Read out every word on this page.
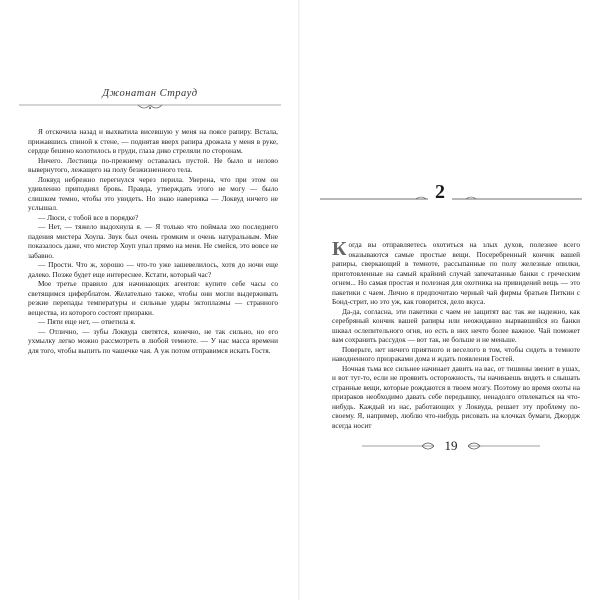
Джонатан Страуд

Я отскочила назад и выхватила висевшую у меня на поясе рапиру. Встала, прижавшись спиной к стене, — поднятая вверх рапира дрожала у меня в руке, сердце бешено колотилось в груди, глаза дико стреляли по сторонам.

Ничего. Лестница по-прежнему оставалась пустой. Не было и нелово вывернутого, лежащего на полу безжизненного тела.

Локвуд небрежно перегнулся через перила. Уверена, что при этом он удивленно приподнял бровь. Правда, утверждать этого не могу — было слишком темно, чтобы это увидеть. Но знаю наверняка — Локвуд ничего не услышал.

— Люси, с тобой все в порядке?

— Нет, — тяжело выдохнула я. — Я только что поймала эхо последнего падения мистера Хоупа. Звук был очень громким и очень натуральным. Мне показалось даже, что мистер Хоуп упал прямо на меня. Не смейся, это вовсе не забавно.

— Прости. Что ж, хорошо — что-то уже зашевелилось, хотя до ночи еще далеко. Позже будет еще интереснее. Кстати, который час?

Мое третье правило для начинающих агентов: купите себе часы со светящимся циферблатом. Желательно также, чтобы они могли выдерживать резкие перепады температуры и сильные удары эктоплазмы — странного вещества, из которого состоят призраки.

— Пяти еще нет, — ответила я.

— Отлично, — зубы Локвуда светятся, конечно, не так сильно, но его ухмылку легко можно рассмотреть в любой темноте. — У нас масса времени для того, чтобы выпить по чашечке чая. А уж потом отправимся искать Гостя.

2

Когда вы отправляетесь охотиться на злых духов, полезнее всего оказываются самые простые вещи. Посеребренный кончик вашей рапиры, сверкающий в темноте, рассыпанные по полу железные опилки, приготовленные на самый крайний случай запечатанные банки с греческим огнем... Но самая простая и полезная для охотника на привидений вещь — это пакетики с чаем. Лично я предпочитаю черный чай фирмы братьев Питкин с Бонд-стрит, но это уж, как говорится, дело вкуса.

Да-да, согласна, эти пакетики с чаем не защитят вас так же надежно, как серебряный кончик вашей рапиры или неожиданно вырвавшийся из банки шквал ослепительного огня, но есть в них нечто более важное. Чай поможет вам сохранить рассудок — вот так, не больше и не меньше.

Поверьте, нет ничего приятного и веселого в том, чтобы сидеть в темноте наводненного призраками дома и ждать появления Гостей.

Ночная тьма все сильнее начинает давить на вас, от тишины звенит в ушах, и вот тут-то, если не проявить осторожность, ты начинаешь видеть и слышать странные вещи, которые рождаются в твоем мозгу. Поэтому во время охоты на призраков необходимо давать себе передышку, ненадолго отвлекаться на что-нибудь. Каждый из нас, работающих у Локвуда, решает эту проблему по-своему. Я, например, люблю что-нибудь рисовать на клочках бумаги, Джордж всегда носит

19
